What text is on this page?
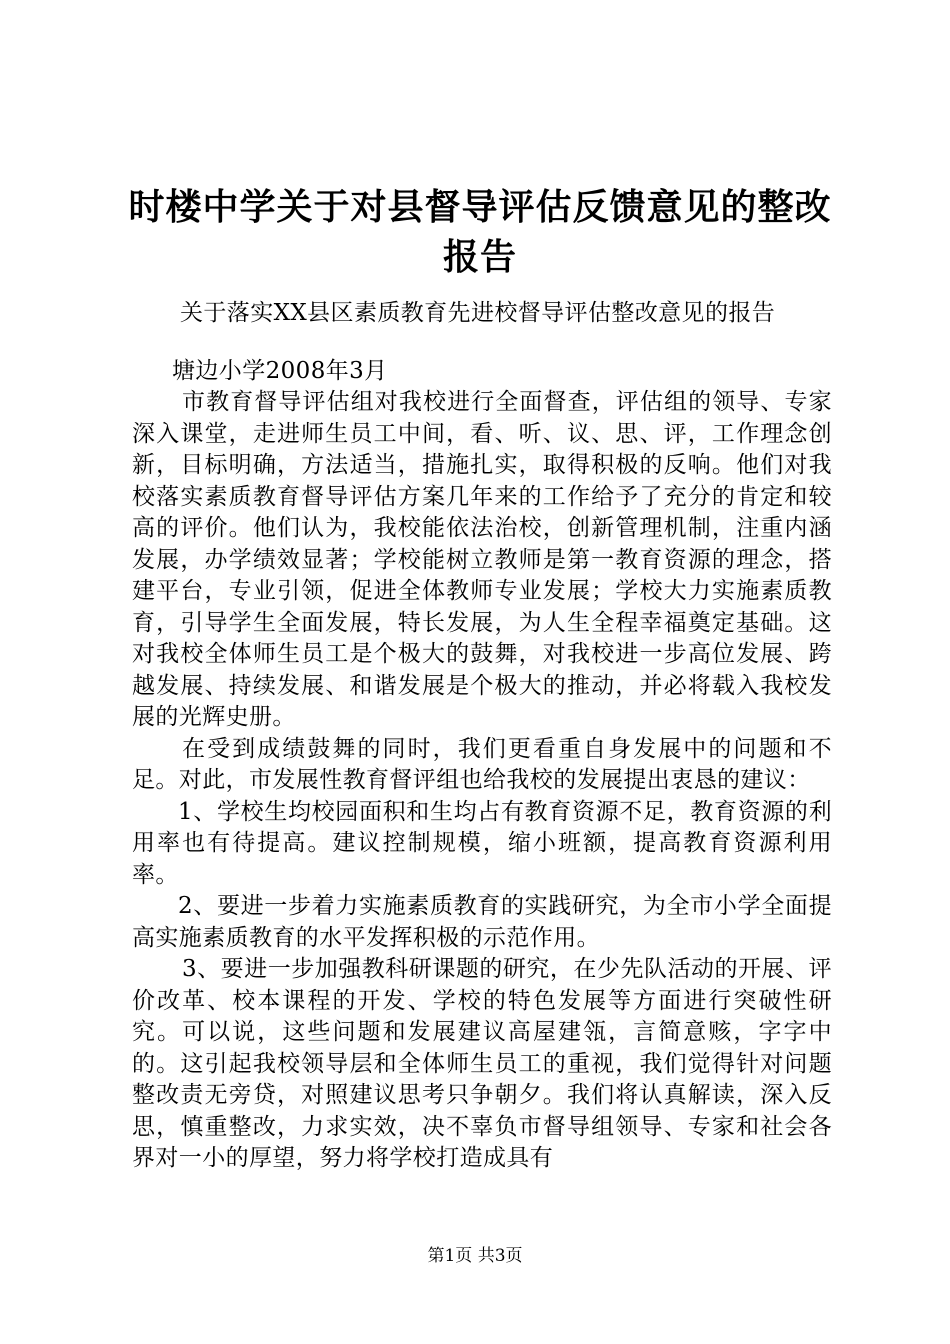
时楼中学关于对县督导评估反馈意见的整改报告

关于落实XX县区素质教育先进校督导评估整改意见的报告

塘边小学2008年3月

市教育督导评估组对我校进行全面督查，评估组的领导、专家深入课堂，走进师生员工中间，看、听、议、思、评，工作理念创新，目标明确，方法适当，措施扎实，取得积极的反响。他们对我校落实素质教育督导评估方案几年来的工作给予了充分的肯定和较高的评价。他们认为，我校能依法治校，创新管理机制，注重内涵发展，办学绩效显著；学校能树立教师是第一教育资源的理念，搭建平台，专业引领，促进全体教师专业发展；学校大力实施素质教育，引导学生全面发展，特长发展，为人生全程幸福奠定基础。这对我校全体师生员工是个极大的鼓舞，对我校进一步高位发展、跨越发展、持续发展、和谐发展是个极大的推动，并必将载入我校发展的光辉史册。

在受到成绩鼓舞的同时，我们更看重自身发展中的问题和不足。对此，市发展性教育督评组也给我校的发展提出衷恳的建议：

1、学校生均校园面积和生均占有教育资源不足，教育资源的利用率也有待提高。建议控制规模，缩小班额，提高教育资源利用率。

2、要进一步着力实施素质教育的实践研究，为全市小学全面提高实施素质教育的水平发挥积极的示范作用。

3、要进一步加强教科研课题的研究，在少先队活动的开展、评价改革、校本课程的开发、学校的特色发展等方面进行突破性研究。可以说，这些问题和发展建议高屋建瓴，言简意赅，字字中的。这引起我校领导层和全体师生员工的重视，我们觉得针对问题整改责无旁贷，对照建议思考只争朝夕。我们将认真解读，深入反思，慎重整改，力求实效，决不辜负市督导组领导、专家和社会各界对一小的厚望，努力将学校打造成具有

第1页 共3页
